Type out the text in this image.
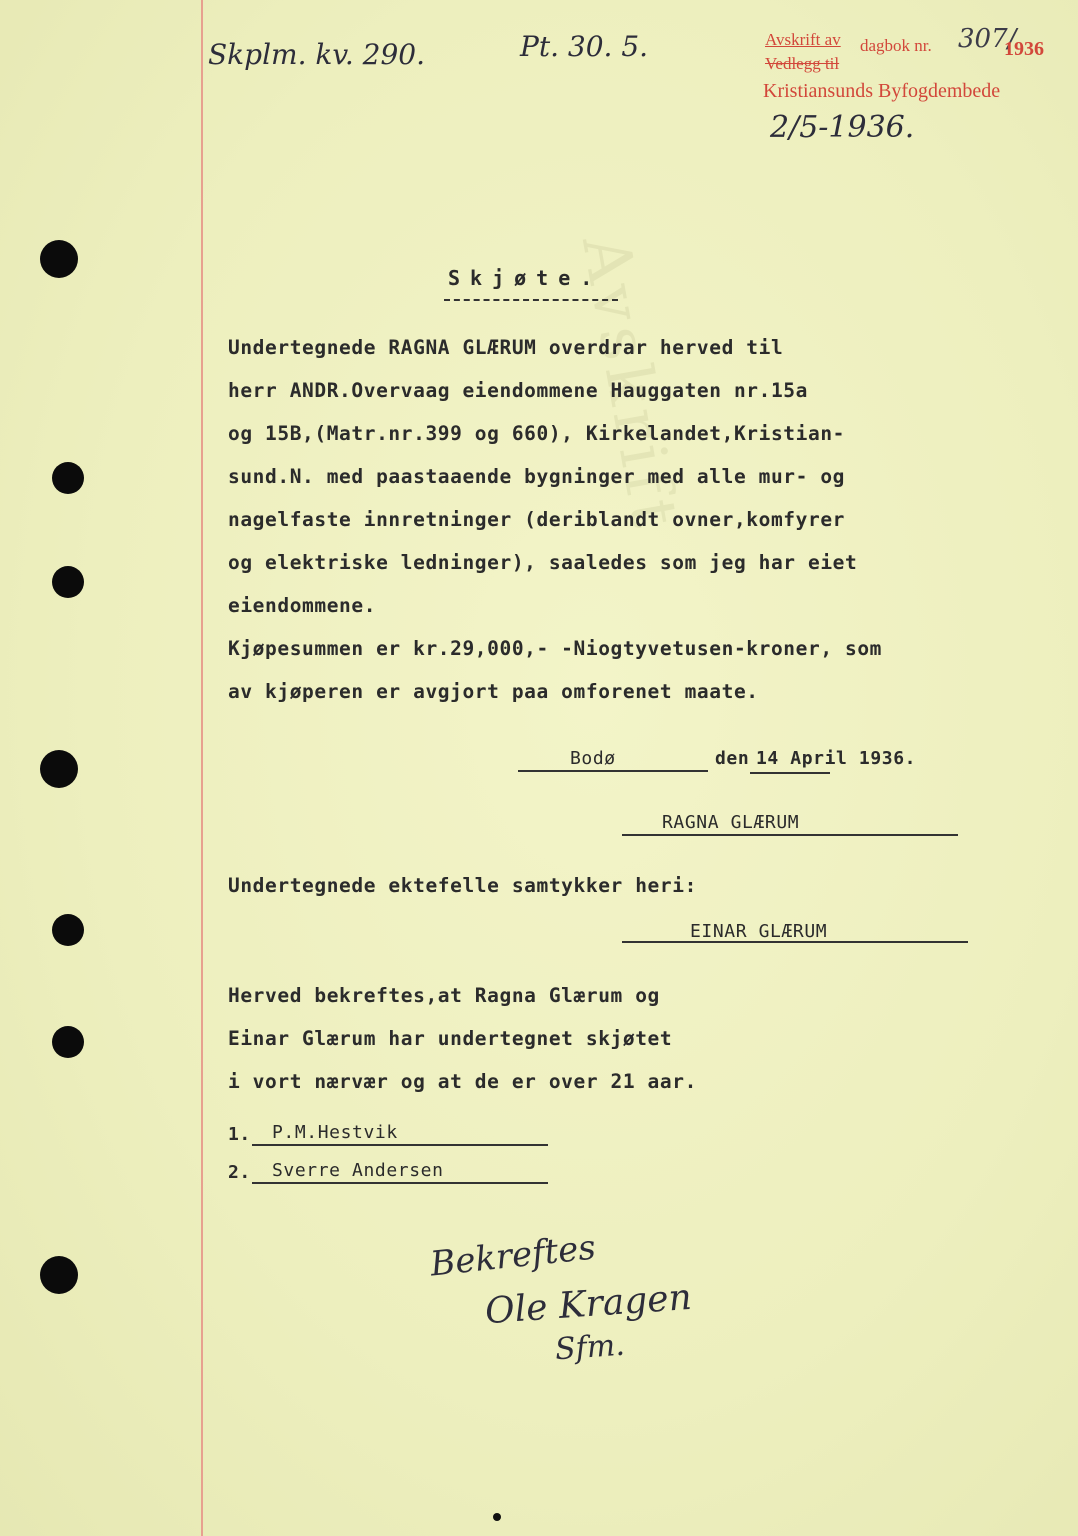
Avskrift
Skplm. kv. 290.	Pt. 30. 5.	Avskrift av
Vedlegg til
dagbok nr. 307/
1936
Kristiansunds Byfogdembede
2/5-1936.
Skjøte.
Undertegnede RAGNA GLÆRUM overdrar herved til
herr ANDR.Overvaag eiendommene Hauggaten nr.15a
og 15B,(Matr.nr.399 og 660), Kirkelandet,Kristian-
sund.N. med paastaaende bygninger med alle mur- og
nagelfaste innretninger (deriblandt ovner,komfyrer
og elektriske ledninger), saaledes som jeg har eiet
eiendommene.
Kjøpesummen er kr.29,000,- -Niogtyvetusen-kroner, som
av kjøperen er avgjort paa omforenet maate.
Bodø	den 14 April 1936.
RAGNA GLÆRUM
Undertegnede ektefelle samtykker heri:
EINAR GLÆRUM
Herved bekreftes,at Ragna Glærum og
Einar Glærum har undertegnet skjøtet
i vort nærvær og at de er over 21 aar.
1. P.M.Hestvik
2. Sverre Andersen
Bekreftes
Ole Kragen
Sfm.
